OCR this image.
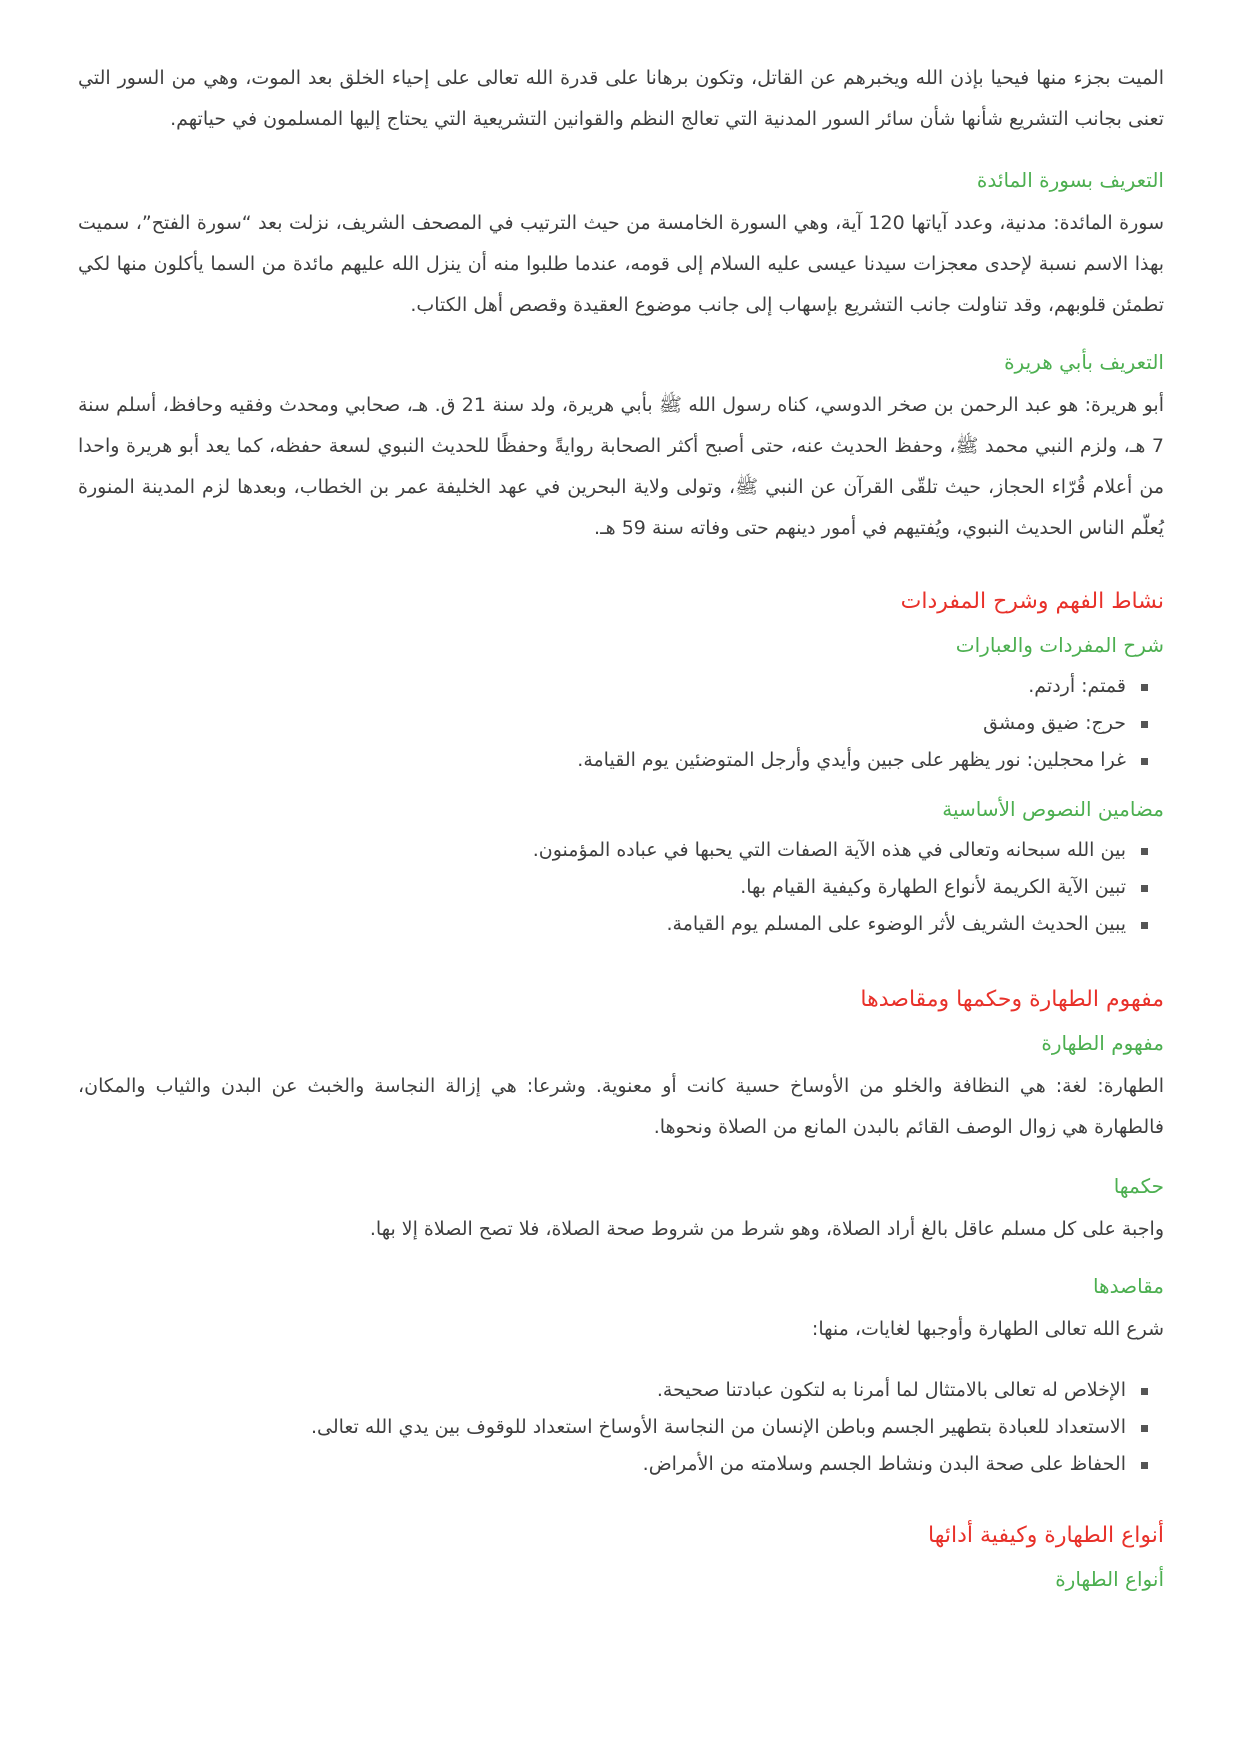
الميت بجزء منها فيحيا بإذن الله ويخبرهم عن القاتل، وتكون برهانا على قدرة الله تعالى على إحياء الخلق بعد الموت، وهي من السور التي تعنى بجانب التشريع شأنها شأن سائر السور المدنية التي تعالج النظم والقوانين التشريعية التي يحتاج إليها المسلمون في حياتهم.

التعريف بسورة المائدة

سورة المائدة: مدنية، وعدد آياتها 120 آية، وهي السورة الخامسة من حيث الترتيب في المصحف الشريف، نزلت بعد “سورة الفتح”، سميت بهذا الاسم نسبة لإحدى معجزات سيدنا عيسى عليه السلام إلى قومه، عندما طلبوا منه أن ينزل الله عليهم مائدة من السما يأكلون منها لكي تطمئن قلوبهم، وقد تناولت جانب التشريع بإسهاب إلى جانب موضوع العقيدة وقصص أهل الكتاب.

التعريف بأبي هريرة

أبو هريرة: هو عبد الرحمن بن صخر الدوسي، كناه رسول الله ﷺ بأبي هريرة، ولد سنة 21 ق. هـ، صحابي ومحدث وفقيه وحافظ، أسلم سنة 7 هـ، ولزم النبي محمد ﷺ، وحفظ الحديث عنه، حتى أصبح أكثر الصحابة روايةً وحفظًا للحديث النبوي لسعة حفظه، كما يعد أبو هريرة واحدا من أعلام قُرّاء الحجاز، حيث تلقّى القرآن عن النبي ﷺ، وتولى ولاية البحرين في عهد الخليفة عمر بن الخطاب، وبعدها لزم المدينة المنورة يُعلّم الناس الحديث النبوي، ويُفتيهم في أمور دينهم حتى وفاته سنة 59 هـ.

نشاط الفهم وشرح المفردات
شرح المفردات والعبارات
قمتم: أردتم.
حرج: ضيق ومشق
غرا محجلين: نور يظهر على جبين وأيدي وأرجل المتوضئين يوم القيامة.
مضامين النصوص الأساسية
بين الله سبحانه وتعالى في هذه الآية الصفات التي يحبها في عباده المؤمنون.
تبين الآية الكريمة لأنواع الطهارة وكيفية القيام بها.
يبين الحديث الشريف لأثر الوضوء على المسلم يوم القيامة.
مفهوم الطهارة وحكمها ومقاصدها
مفهوم الطهارة

الطهارة: لغة: هي النظافة والخلو من الأوساخ حسية كانت أو معنوية. وشرعا: هي إزالة النجاسة والخبث عن البدن والثياب والمكان، فالطهارة هي زوال الوصف القائم بالبدن المانع من الصلاة ونحوها.

حكمها

واجبة على كل مسلم عاقل بالغ أراد الصلاة، وهو شرط من شروط صحة الصلاة، فلا تصح الصلاة إلا بها.

مقاصدها

شرع الله تعالى الطهارة وأوجبها لغايات، منها:

الإخلاص له تعالى بالامتثال لما أمرنا به لتكون عبادتنا صحيحة.
الاستعداد للعبادة بتطهير الجسم وباطن الإنسان من النجاسة الأوساخ استعداد للوقوف بين يدي الله تعالى.
الحفاظ على صحة البدن ونشاط الجسم وسلامته من الأمراض.
أنواع الطهارة وكيفية أدائها
أنواع الطهارة
